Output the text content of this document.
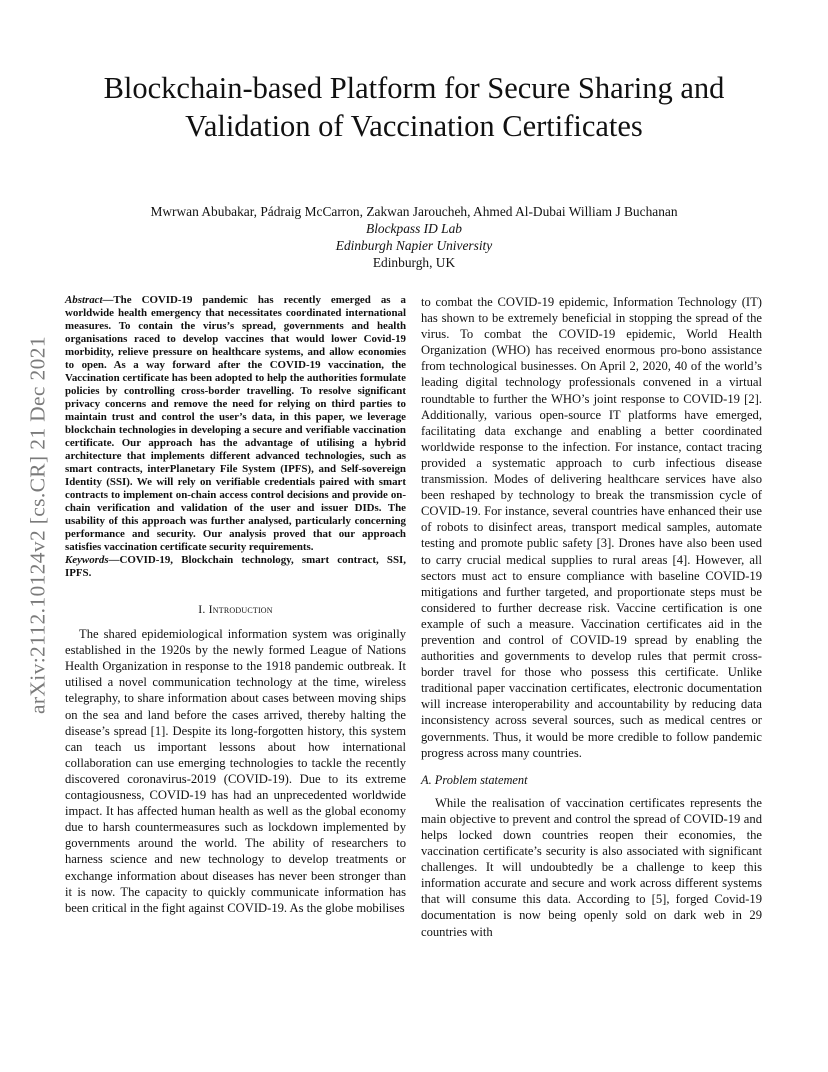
arXiv:2112.10124v2 [cs.CR] 21 Dec 2021
Blockchain-based Platform for Secure Sharing and Validation of Vaccination Certificates
Mwrwan Abubakar, Pádraig McCarron, Zakwan Jaroucheh, Ahmed Al-Dubai William J Buchanan
Blockpass ID Lab
Edinburgh Napier University
Edinburgh, UK

Abstract—The COVID-19 pandemic has recently emerged as a worldwide health emergency that necessitates coordinated international measures. To contain the virus’s spread, governments and health organisations raced to develop vaccines that would lower Covid-19 morbidity, relieve pressure on healthcare systems, and allow economies to open. As a way forward after the COVID-19 vaccination, the Vaccination certificate has been adopted to help the authorities formulate policies by controlling cross-border travelling. To resolve significant privacy concerns and remove the need for relying on third parties to maintain trust and control the user’s data, in this paper, we leverage blockchain technologies in developing a secure and verifiable vaccination certificate. Our approach has the advantage of utilising a hybrid architecture that implements different advanced technologies, such as smart contracts, interPlanetary File System (IPFS), and Self-sovereign Identity (SSI). We will rely on verifiable credentials paired with smart contracts to implement on-chain access control decisions and provide on-chain verification and validation of the user and issuer DIDs. The usability of this approach was further analysed, particularly concerning performance and security. Our analysis proved that our approach satisfies vaccination certificate security requirements.

Keywords—COVID-19, Blockchain technology, smart contract, SSI, IPFS.

I. Introduction

The shared epidemiological information system was originally established in the 1920s by the newly formed League of Nations Health Organization in response to the 1918 pandemic outbreak. It utilised a novel communication technology at the time, wireless telegraphy, to share information about cases between moving ships on the sea and land before the cases arrived, thereby halting the disease’s spread [1]. Despite its long-forgotten history, this system can teach us important lessons about how international collaboration can use emerging technologies to tackle the recently discovered coronavirus-2019 (COVID-19). Due to its extreme contagiousness, COVID-19 has had an unprecedented worldwide impact. It has affected human health as well as the global economy due to harsh countermeasures such as lockdown implemented by governments around the world. The ability of researchers to harness science and new technology to develop treatments or exchange information about diseases has never been stronger than it is now. The capacity to quickly communicate information has been critical in the fight against COVID-19. As the globe mobilises

to combat the COVID-19 epidemic, Information Technology (IT) has shown to be extremely beneficial in stopping the spread of the virus. To combat the COVID-19 epidemic, World Health Organization (WHO) has received enormous pro-bono assistance from technological businesses. On April 2, 2020, 40 of the world’s leading digital technology professionals convened in a virtual roundtable to further the WHO’s joint response to COVID-19 [2]. Additionally, various open-source IT platforms have emerged, facilitating data exchange and enabling a better coordinated worldwide response to the infection. For instance, contact tracing provided a systematic approach to curb infectious disease transmission. Modes of delivering healthcare services have also been reshaped by technology to break the transmission cycle of COVID-19. For instance, several countries have enhanced their use of robots to disinfect areas, transport medical samples, automate testing and promote public safety [3]. Drones have also been used to carry crucial medical supplies to rural areas [4]. However, all sectors must act to ensure compliance with baseline COVID-19 mitigations and further targeted, and proportionate steps must be considered to further decrease risk. Vaccine certification is one example of such a measure. Vaccination certificates aid in the prevention and control of COVID-19 spread by enabling the authorities and governments to develop rules that permit cross-border travel for those who possess this certificate. Unlike traditional paper vaccination certificates, electronic documentation will increase interoperability and accountability by reducing data inconsistency across several sources, such as medical centres or governments. Thus, it would be more credible to follow pandemic progress across many countries.

A. Problem statement

While the realisation of vaccination certificates represents the main objective to prevent and control the spread of COVID-19 and helps locked down countries reopen their economies, the vaccination certificate’s security is also associated with significant challenges. It will undoubtedly be a challenge to keep this information accurate and secure and work across different systems that will consume this data. According to [5], forged Covid-19 documentation is now being openly sold on dark web in 29 countries with
